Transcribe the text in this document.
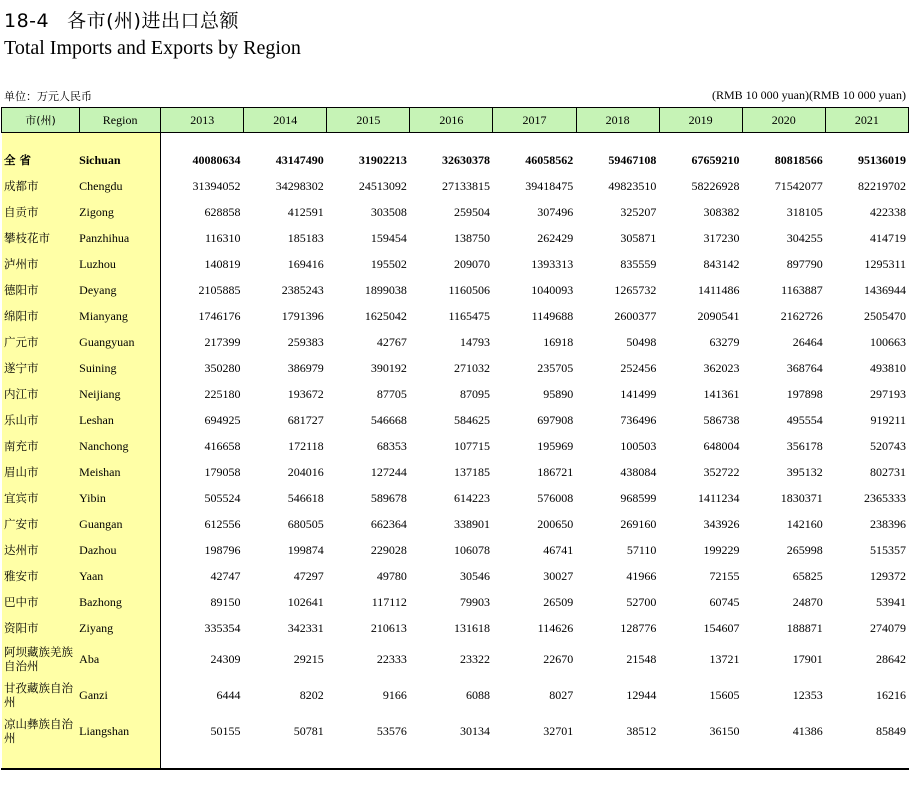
18-4 各市(州)进出口总额
Total Imports and Exports by Region
单位：万元人民币	(RMB 10 000 yuan)(RMB 10 000 yuan)
市(州)	Region	2013	2014	2015	2016	2017	2018	2019	2020	2021
全 省	Sichuan	40080634	43147490	31902213	32630378	46058562	59467108	67659210	80818566	95136019
成都市	Chengdu	31394052	34298302	24513092	27133815	39418475	49823510	58226928	71542077	82219702
自贡市	Zigong	628858	412591	303508	259504	307496	325207	308382	318105	422338
攀枝花市	Panzhihua	116310	185183	159454	138750	262429	305871	317230	304255	414719
泸州市	Luzhou	140819	169416	195502	209070	1393313	835559	843142	897790	1295311
德阳市	Deyang	2105885	2385243	1899038	1160506	1040093	1265732	1411486	1163887	1436944
绵阳市	Mianyang	1746176	1791396	1625042	1165475	1149688	2600377	2090541	2162726	2505470
广元市	Guangyuan	217399	259383	42767	14793	16918	50498	63279	26464	100663
遂宁市	Suining	350280	386979	390192	271032	235705	252456	362023	368764	493810
内江市	Neijiang	225180	193672	87705	87095	95890	141499	141361	197898	297193
乐山市	Leshan	694925	681727	546668	584625	697908	736496	586738	495554	919211
南充市	Nanchong	416658	172118	68353	107715	195969	100503	648004	356178	520743
眉山市	Meishan	179058	204016	127244	137185	186721	438084	352722	395132	802731
宜宾市	Yibin	505524	546618	589678	614223	576008	968599	1411234	1830371	2365333
广安市	Guangan	612556	680505	662364	338901	200650	269160	343926	142160	238396
达州市	Dazhou	198796	199874	229028	106078	46741	57110	199229	265998	515357
雅安市	Yaan	42747	47297	49780	30546	30027	41966	72155	65825	129372
巴中市	Bazhong	89150	102641	117112	79903	26509	52700	60745	24870	53941
资阳市	Ziyang	335354	342331	210613	131618	114626	128776	154607	188871	274079
阿坝藏族羌族自治州	Aba	24309	29215	22333	23322	22670	21548	13721	17901	28642
甘孜藏族自治州	Ganzi	6444	8202	9166	6088	8027	12944	15605	12353	16216
凉山彝族自治州	Liangshan	50155	50781	53576	30134	32701	38512	36150	41386	85849
